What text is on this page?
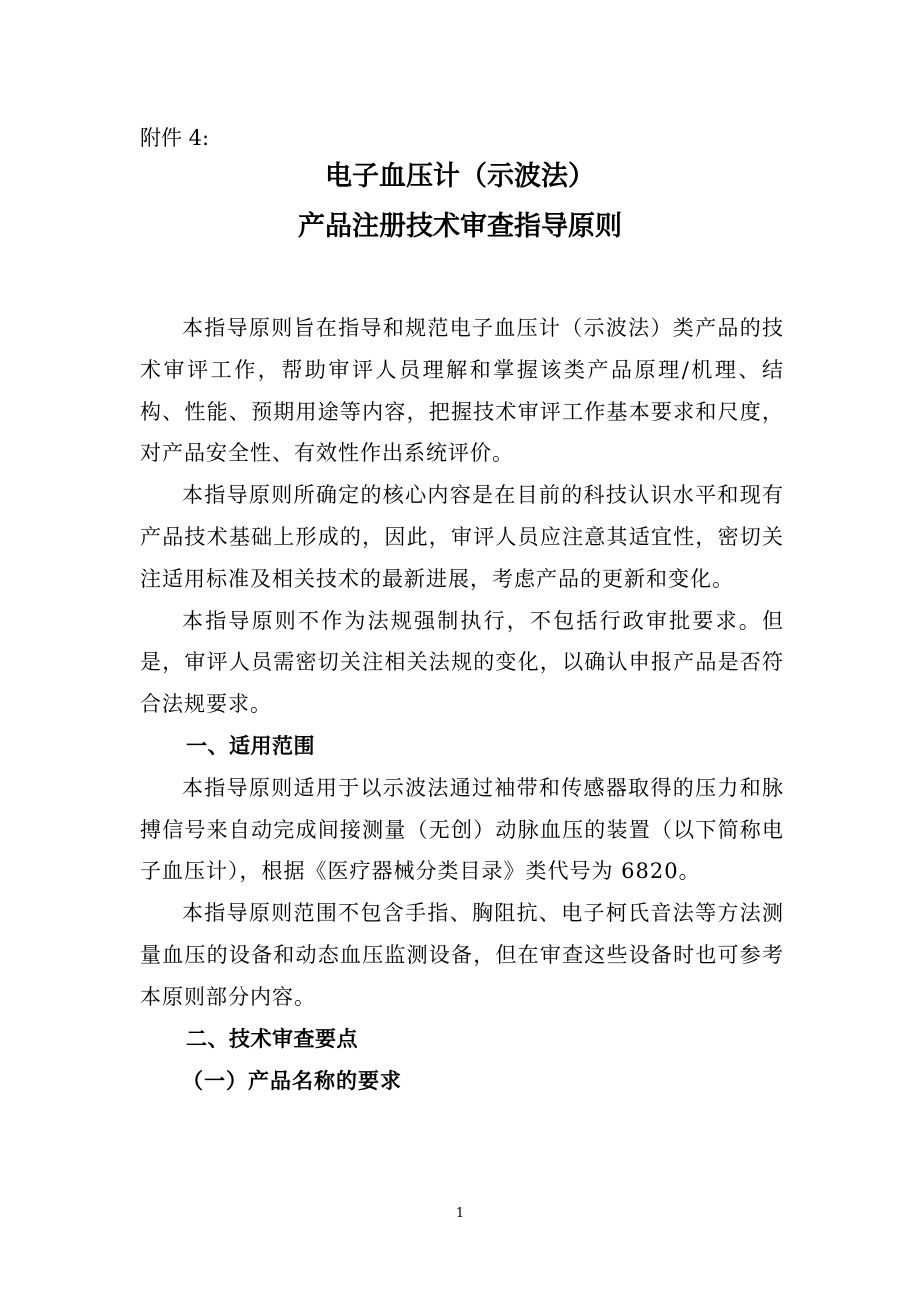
附件 4:
电子血压计（示波法）
产品注册技术审查指导原则

本指导原则旨在指导和规范电子血压计（示波法）类产品的技术审评工作，帮助审评人员理解和掌握该类产品原理/机理、结构、性能、预期用途等内容，把握技术审评工作基本要求和尺度，对产品安全性、有效性作出系统评价。

本指导原则所确定的核心内容是在目前的科技认识水平和现有产品技术基础上形成的，因此，审评人员应注意其适宜性，密切关注适用标准及相关技术的最新进展，考虑产品的更新和变化。

本指导原则不作为法规强制执行，不包括行政审批要求。但是，审评人员需密切关注相关法规的变化，以确认申报产品是否符合法规要求。

一、适用范围

本指导原则适用于以示波法通过袖带和传感器取得的压力和脉搏信号来自动完成间接测量（无创）动脉血压的装置（以下简称电子血压计），根据《医疗器械分类目录》类代号为 6820。

本指导原则范围不包含手指、胸阻抗、电子柯氏音法等方法测量血压的设备和动态血压监测设备，但在审查这些设备时也可参考本原则部分内容。

二、技术审查要点

（一）产品名称的要求

1
